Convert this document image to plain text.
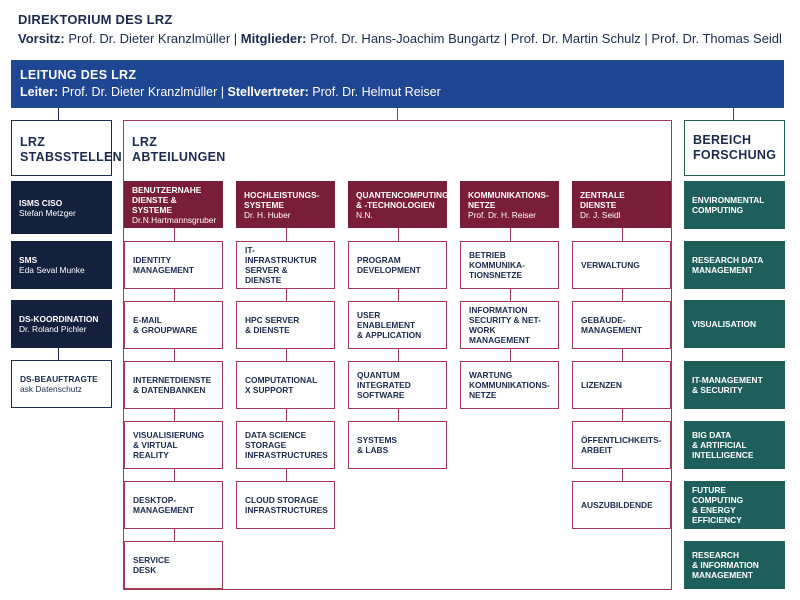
DIREKTORIUM DES LRZ
Vorsitz: Prof. Dr. Dieter Kranzlmüller | Mitglieder: Prof. Dr. Hans-Joachim Bungartz | Prof. Dr. Martin Schulz | Prof. Dr. Thomas Seidl
LEITUNG DES LRZ
Leiter: Prof. Dr. Dieter Kranzlmüller | Stellvertreter: Prof. Dr. Helmut Reiser
LRZ
STABSSTELLEN
ISMS CISO
Stefan Metzger
SMS
Eda Seval Munke
DS-KOORDINATION
Dr. Roland Pichler
DS-BEAUFTRAGTE
ask Datenschutz
LRZ
ABTEILUNGEN
BENUTZERNAHE
DIENSTE & SYSTEME
Dr.N.Hartmannsgruber
IDENTITY
MANAGEMENT
E-MAIL
& GROUPWARE
INTERNETDIENSTE
& DATENBANKEN
VISUALISIERUNG
& VIRTUAL REALITY
DESKTOP-
MANAGEMENT
SERVICE
DESK
HOCHLEISTUNGS-
SYSTEME
Dr. H. Huber
IT-INFRASTRUKTUR
SERVER & DIENSTE
HPC SERVER
& DIENSTE
COMPUTATIONAL
X SUPPORT
DATA SCIENCE
STORAGE
INFRASTRUCTURES
CLOUD STORAGE
INFRASTRUCTURES
QUANTENCOMPUTING
& -TECHNOLOGIEN
N.N.
PROGRAM
DEVELOPMENT
USER ENABLEMENT
& APPLICATION
QUANTUM
INTEGRATED
SOFTWARE
SYSTEMS
& LABS
KOMMUNIKATIONS-
NETZE
Prof. Dr. H. Reiser
BETRIEB
KOMMUNIKA-
TIONSNETZE
INFORMATION
SECURITY & NET-
WORK MANAGEMENT
WARTUNG
KOMMUNIKATIONS-
NETZE
ZENTRALE
DIENSTE
Dr. J. Seidl
VERWALTUNG
GEBÄUDE-
MANAGEMENT
LIZENZEN
ÖFFENTLICHKEITS-
ARBEIT
AUSZUBILDENDE
BEREICH
FORSCHUNG
ENVIRONMENTAL
COMPUTING
RESEARCH DATA
MANAGEMENT
VISUALISATION
IT-MANAGEMENT
& SECURITY
BIG DATA
& ARTIFICIAL
INTELLIGENCE
FUTURE COMPUTING
& ENERGY
EFFICIENCY
RESEARCH
& INFORMATION
MANAGEMENT
